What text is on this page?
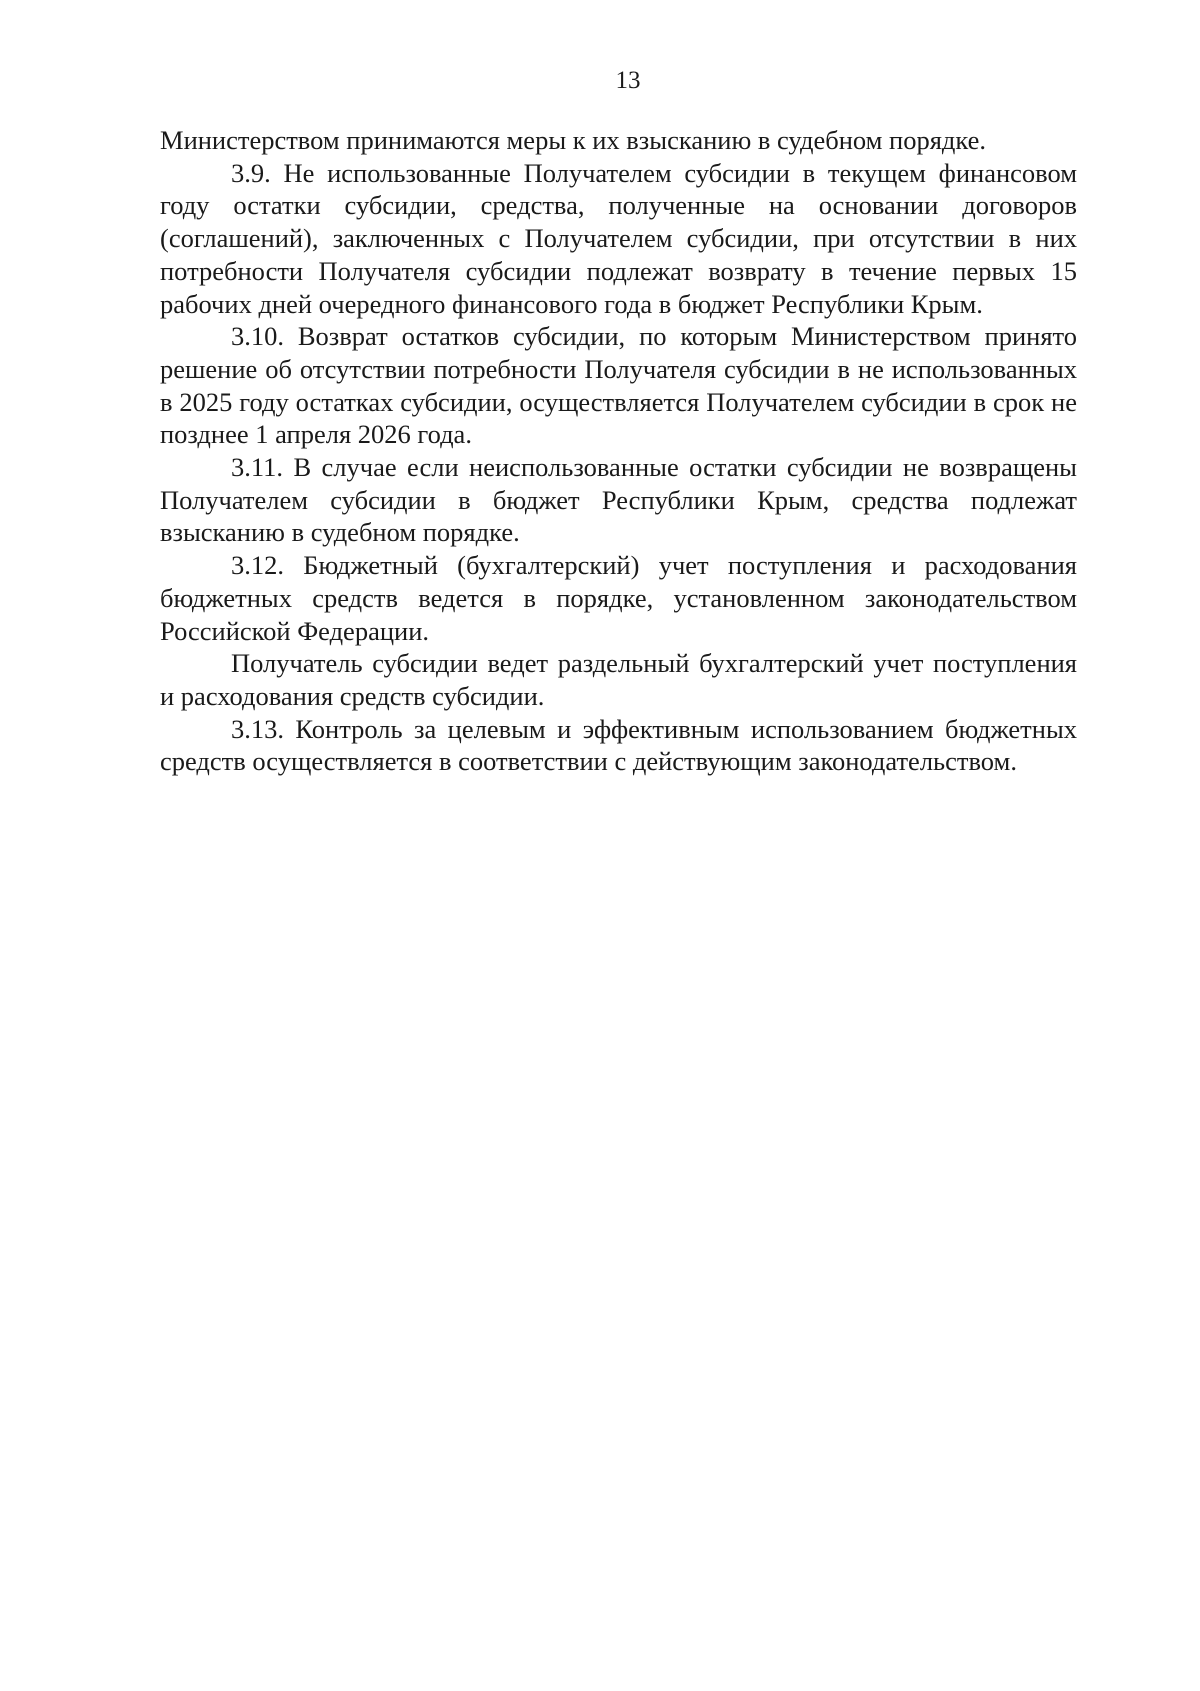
13

Министерством принимаются меры к их взысканию в судебном порядке.

3.9. Не использованные Получателем субсидии в текущем финансовом году остатки субсидии, средства, полученные на основании договоров (соглашений), заключенных с Получателем субсидии, при отсутствии в них потребности Получателя субсидии подлежат возврату в течение первых 15 рабочих дней очередного финансового года в бюджет Республики Крым.

3.10. Возврат остатков субсидии, по которым Министерством принято решение об отсутствии потребности Получателя субсидии в не использованных в 2025 году остатках субсидии, осуществляется Получателем субсидии в срок не позднее 1 апреля 2026 года.

3.11. В случае если неиспользованные остатки субсидии не возвращены Получателем субсидии в бюджет Республики Крым, средства подлежат взысканию в судебном порядке.

3.12. Бюджетный (бухгалтерский) учет поступления и расходования бюджетных средств ведется в порядке, установленном законодательством Российской Федерации.

Получатель субсидии ведет раздельный бухгалтерский учет поступления и расходования средств субсидии.

3.13. Контроль за целевым и эффективным использованием бюджетных средств осуществляется в соответствии с действующим законодательством.
